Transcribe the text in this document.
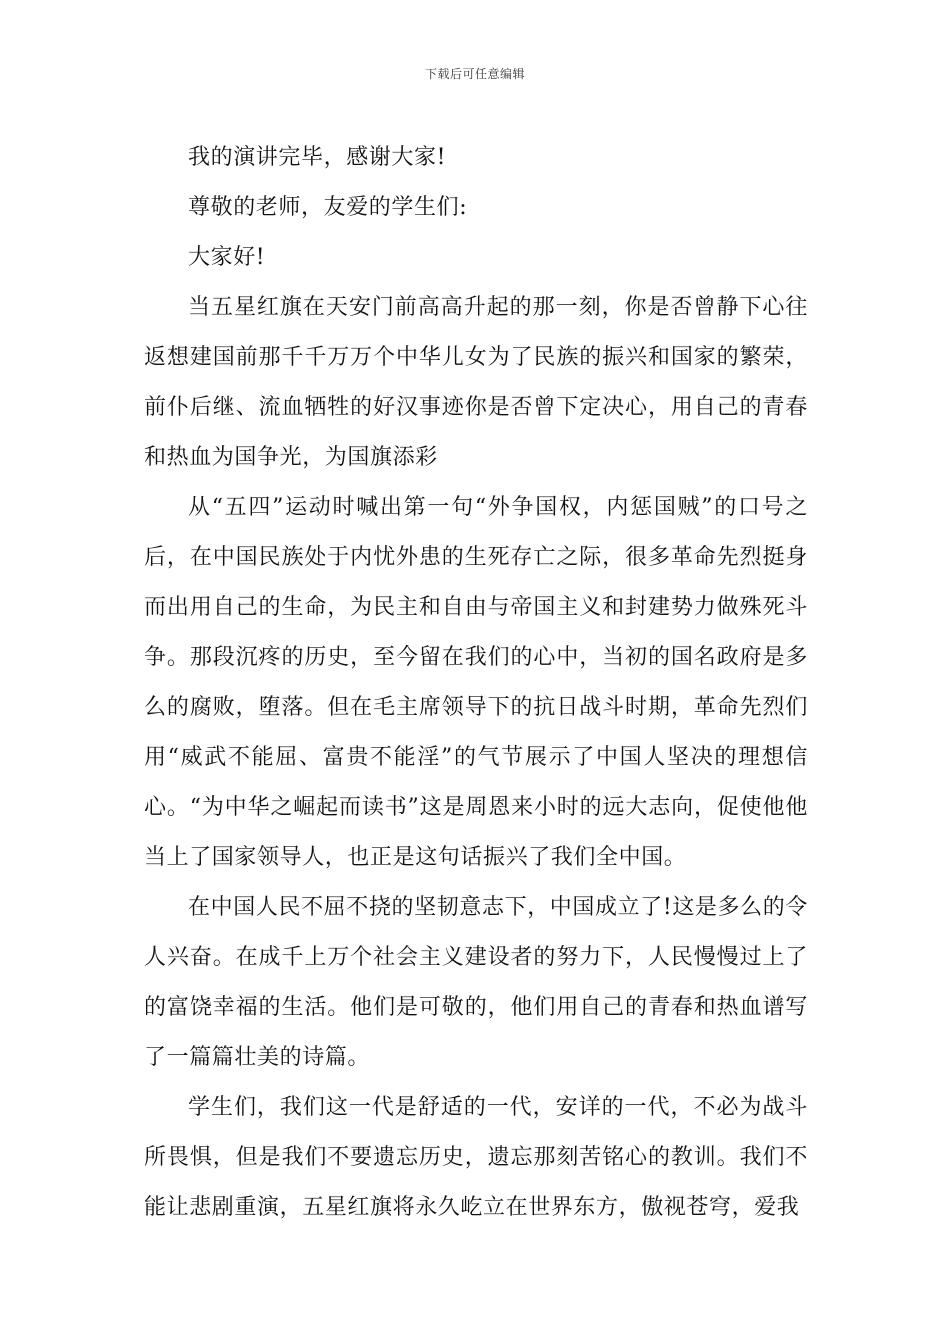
下载后可任意编辑

我的演讲完毕，感谢大家!

尊敬的老师，友爱的学生们:

大家好!

当五星红旗在天安门前高高升起的那一刻，你是否曾静下心往返想建国前那千千万万个中华儿女为了民族的振兴和国家的繁荣，前仆后继、流血牺牲的好汉事迹你是否曾下定决心，用自己的青春和热血为国争光，为国旗添彩

从“五四”运动时喊出第一句“外争国权，内惩国贼”的口号之后，在中国民族处于内忧外患的生死存亡之际，很多革命先烈挺身而出用自己的生命，为民主和自由与帝国主义和封建势力做殊死斗争。那段沉疼的历史，至今留在我们的心中，当初的国名政府是多么的腐败，堕落。但在毛主席领导下的抗日战斗时期，革命先烈们用“威武不能屈、富贵不能淫”的气节展示了中国人坚决的理想信心。“为中华之崛起而读书”这是周恩来小时的远大志向，促使他他当上了国家领导人，也正是这句话振兴了我们全中国。

在中国人民不屈不挠的坚韧意志下，中国成立了!这是多么的令人兴奋。在成千上万个社会主义建设者的努力下，人民慢慢过上了的富饶幸福的生活。他们是可敬的，他们用自己的青春和热血谱写了一篇篇壮美的诗篇。

学生们，我们这一代是舒适的一代，安详的一代，不必为战斗所畏惧，但是我们不要遗忘历史，遗忘那刻苦铭心的教训。我们不能让悲剧重演，五星红旗将永久屹立在世界东方，傲视苍穹，爱我
